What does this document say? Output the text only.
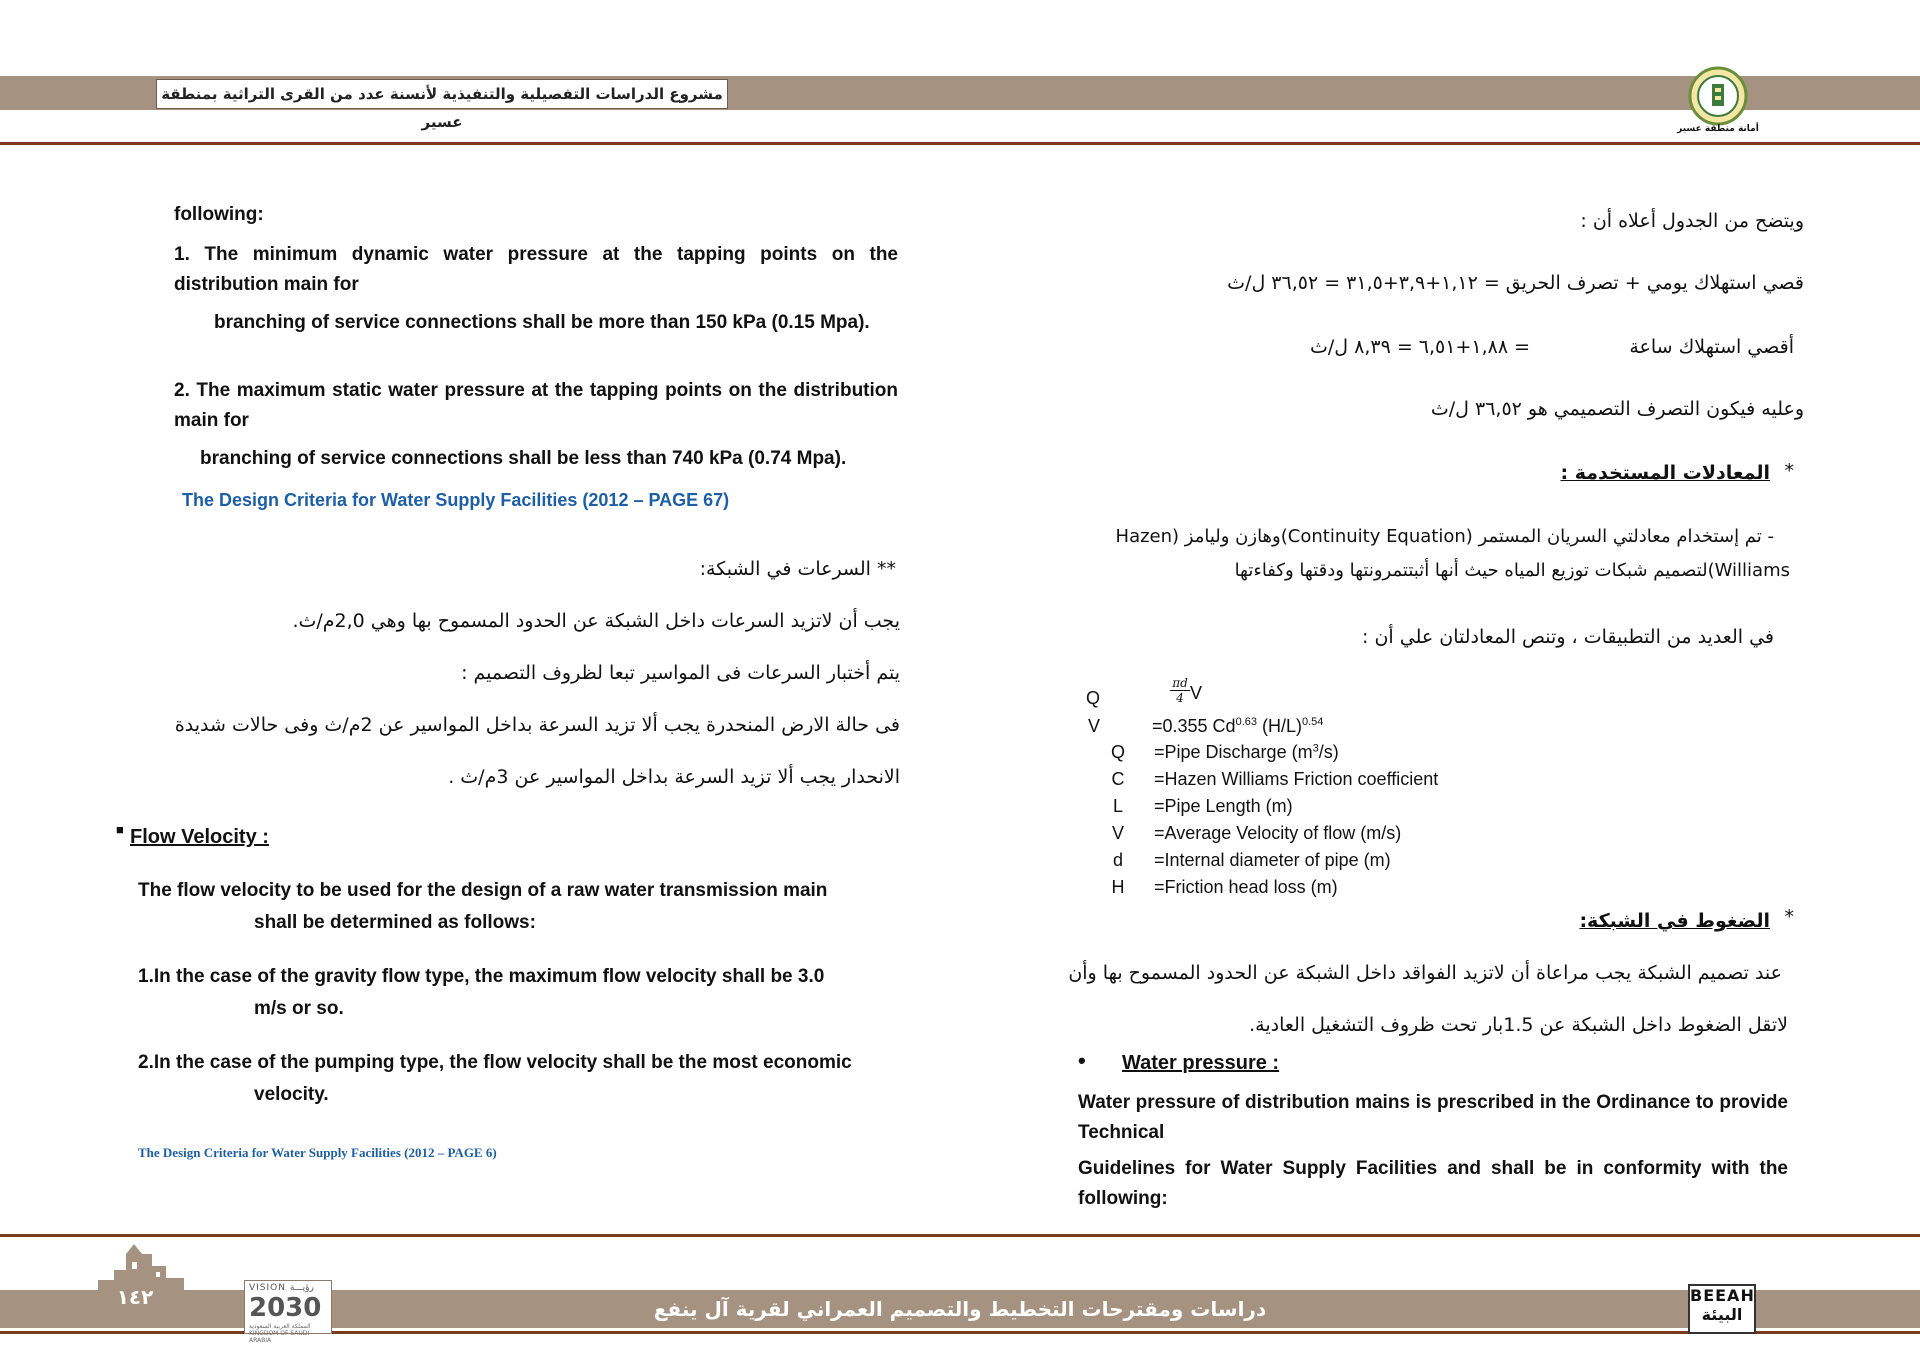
مشروع الدراسات التفصيلية والتنفيذية لأنسنة عدد من القرى التراثية بمنطقة عسير	أمانة منطقة عسير
following:
1. The minimum dynamic water pressure at the tapping points on the distribution main for
branching of service connections shall be more than 150 kPa (0.15 Mpa).
2. The maximum static water pressure at the tapping points on the distribution main for
branching of service connections shall be less than 740 kPa (0.74 Mpa).
The Design Criteria for Water Supply Facilities (2012 – PAGE 67)
** السرعات في الشبكة:
يجب أن لاتزيد السرعات داخل الشبكة عن الحدود المسموح بها وهي 2,0م/ث.
يتم أختبار السرعات فى المواسير تبعا لظروف التصميم :
فى حالة الارض المنحدرة يجب ألا تزيد السرعة بداخل المواسير عن 2م/ث وفى حالات شديدة
الانحدار يجب ألا تزيد السرعة بداخل المواسير عن 3م/ث .
■ Flow Velocity :
The flow velocity to be used for the design of a raw water transmission main
shall be determined as follows:
1.In the case of the gravity flow type, the maximum flow velocity shall be 3.0
m/s or so.
2.In the case of the pumping type, the flow velocity shall be the most economic
velocity.
The Design Criteria for Water Supply Facilities (2012 – PAGE 6)
ويتضح من الجدول أعلاه أن :
قصي استهلاك يومي + تصرف الحريق = ١,١٢+٣,٩+٣١,٥ = ٣٦,٥٢ ل/ث
أقصي استهلاك ساعة
= ١,٨٨+٦,٥١ = ٨,٣٩ ل/ث
وعليه فيكون التصرف التصميمي هو ٣٦,٥٢ ل/ث
*
المعادلات المستخدمة :
- تم إستخدام معادلتي السريان المستمر (Continuity Equation)وهازن وليامز (Hazen
Williams)لتصميم شبكات توزيع المياه حيث أنها أثبتتمرونتها ودقتها وكفاءتها
في العديد من التطبيقات ، وتنص المعادلتان علي أن :
Q	$\frac{\pi d}{4}$ V
V	=0.355 $Cd^{0.63}$ $(H/L)^{0.54}$
Q =Pipe Discharge $(m^3/s)$
C =Hazen Williams Friction coefficient
L =Pipe Length (m)
V =Average Velocity of flow (m/s)
d =Internal diameter of pipe (m)
H =Friction head loss (m)
*
الضغوط في الشبكة:
عند تصميم الشبكة يجب مراعاة أن لاتزيد الفواقد داخل الشبكة عن الحدود المسموح بها وأن
لاتقل الضغوط داخل الشبكة عن 1.5بار تحت ظروف التشغيل العادية.
• Water pressure :
Water pressure of distribution mains is prescribed in the Ordinance to provide Technical
Guidelines for Water Supply Facilities and shall be in conformity with the following:
١٤٢	VISION رؤيـــة
2030
المملكة العربية السعودية KINGDOM OF SAUDI ARABIA
دراسات ومقترحات التخطيط والتصميم العمراني لقرية آل ينفع
BEEAH
البيئة
